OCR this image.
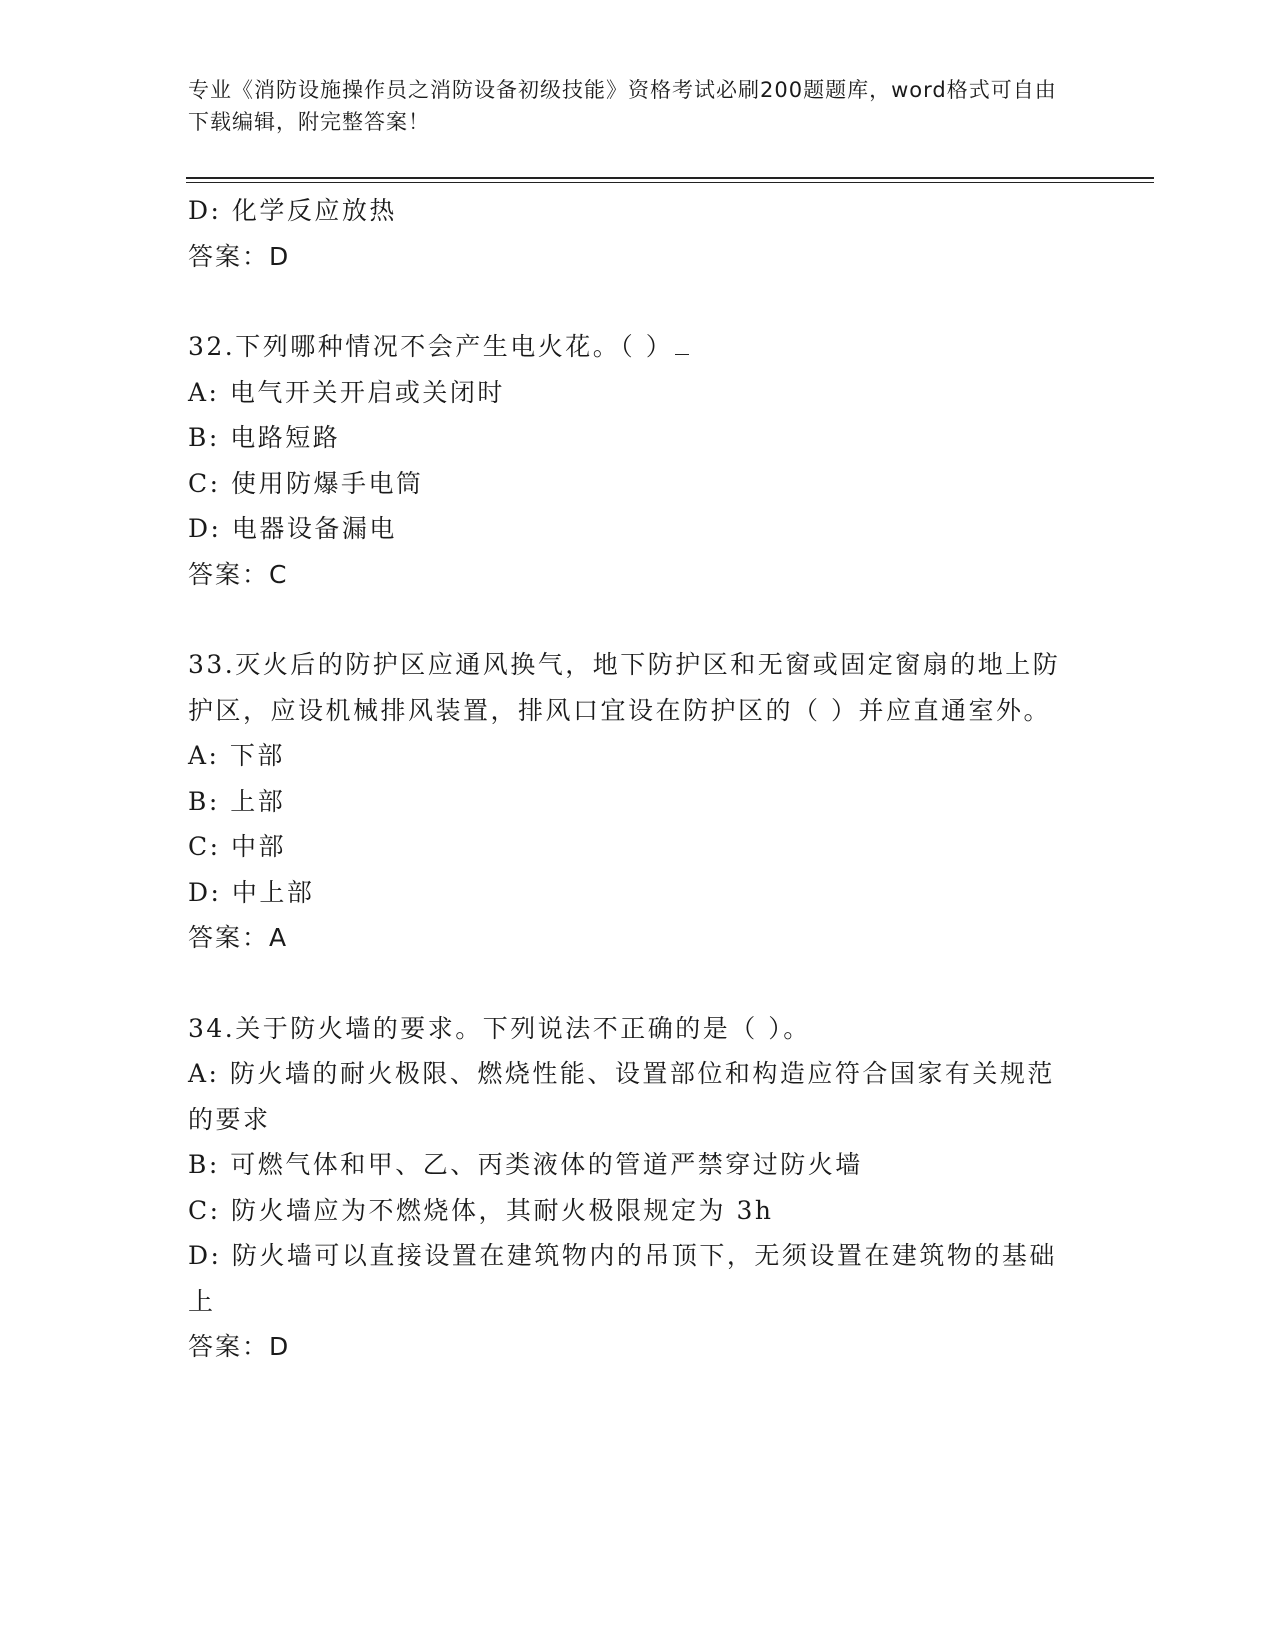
专业《消防设施操作员之消防设备初级技能》资格考试必刷200题题库，word格式可自由下载编辑，附完整答案！
D: 化学反应放热
答案：D
32.下列哪种情况不会产生电火花。（ ）
A: 电气开关开启或关闭时
B: 电路短路
C: 使用防爆手电筒
D: 电器设备漏电
答案：C
33.灭火后的防护区应通风换气，地下防护区和无窗或固定窗扇的地上防护区，应设机械排风装置，排风口宜设在防护区的（ ）并应直通室外。
A: 下部
B: 上部
C: 中部
D: 中上部
答案：A
34.关于防火墙的要求。下列说法不正确的是（ ）。
A: 防火墙的耐火极限、燃烧性能、设置部位和构造应符合国家有关规范的要求
B: 可燃气体和甲、乙、丙类液体的管道严禁穿过防火墙
C: 防火墙应为不燃烧体，其耐火极限规定为 3h
D: 防火墙可以直接设置在建筑物内的吊顶下，无须设置在建筑物的基础上
答案：D
